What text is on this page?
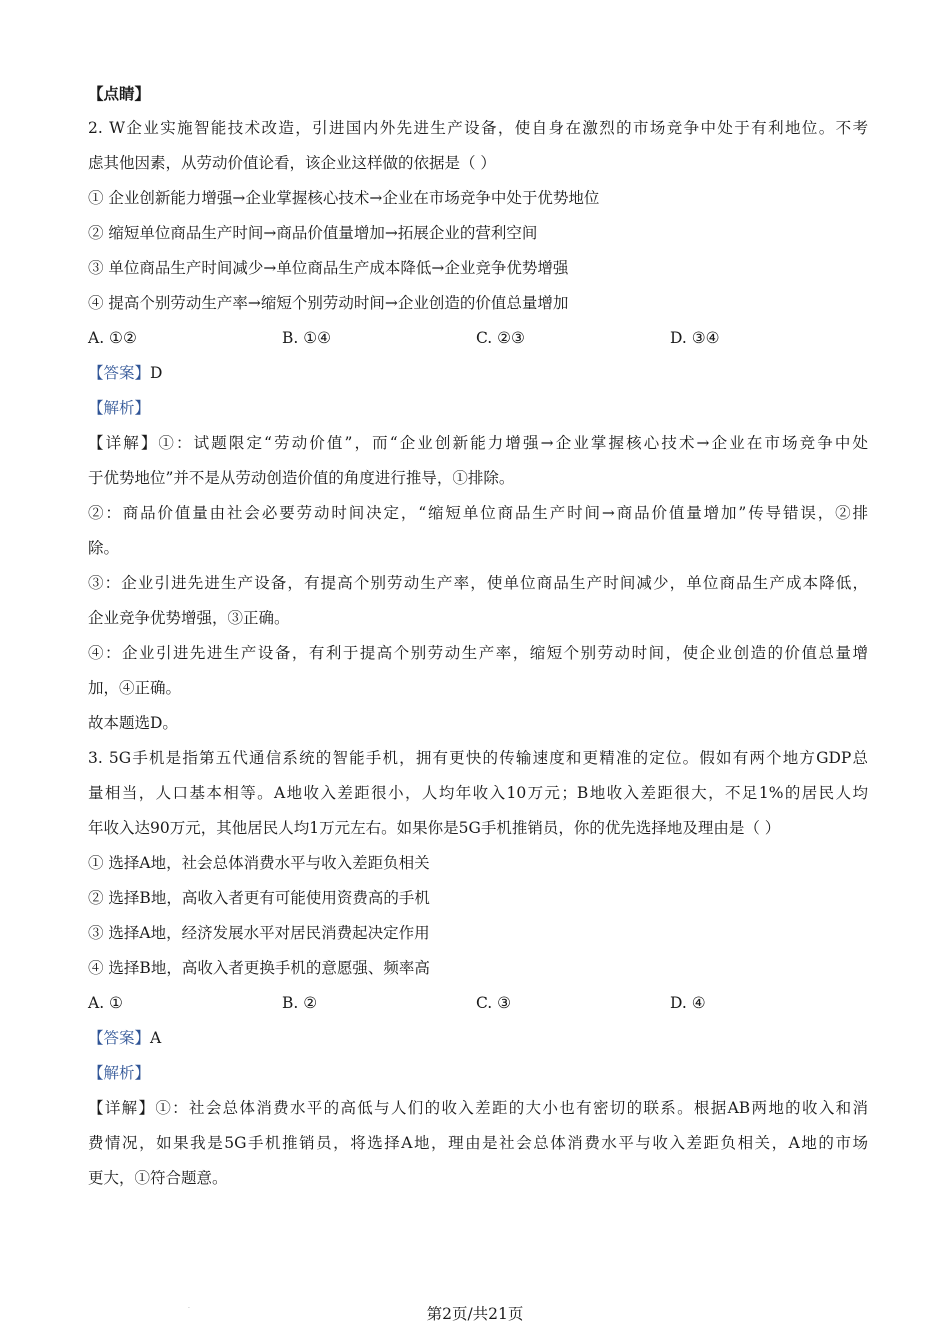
【点睛】
2. W企业实施智能技术改造，引进国内外先进生产设备，使自身在激烈的市场竞争中处于有利地位。不考
虑其他因素，从劳动价值论看，该企业这样做的依据是（ ）
① 企业创新能力增强→企业掌握核心技术→企业在市场竞争中处于优势地位
② 缩短单位商品生产时间→商品价值量增加→拓展企业的营利空间
③ 单位商品生产时间减少→单位商品生产成本降低→企业竞争优势增强
④ 提高个别劳动生产率→缩短个别劳动时间→企业创造的价值总量增加
A. ①②	B. ①④	C. ②③	D. ③④
【答案】D
【解析】
【详解】①：试题限定“劳动价值”，而“企业创新能力增强→企业掌握核心技术→企业在市场竞争中处
于优势地位”并不是从劳动创造价值的角度进行推导，①排除。
②：商品价值量由社会必要劳动时间决定，“缩短单位商品生产时间→商品价值量增加”传导错误，②排
除。
③：企业引进先进生产设备，有提高个别劳动生产率，使单位商品生产时间减少，单位商品生产成本降低，
企业竞争优势增强，③正确。
④：企业引进先进生产设备，有利于提高个别劳动生产率，缩短个别劳动时间，使企业创造的价值总量增
加，④正确。
故本题选D。
3. 5G手机是指第五代通信系统的智能手机，拥有更快的传输速度和更精准的定位。假如有两个地方GDP总
量相当，人口基本相等。A地收入差距很小，人均年收入10万元；B地收入差距很大，不足1%的居民人均
年收入达90万元，其他居民人均1万元左右。如果你是5G手机推销员，你的优先选择地及理由是（ ）
① 选择A地，社会总体消费水平与收入差距负相关
② 选择B地，高收入者更有可能使用资费高的手机
③ 选择A地，经济发展水平对居民消费起决定作用
④ 选择B地，高收入者更换手机的意愿强、频率高
A. ①	B. ②	C. ③	D. ④
【答案】A
【解析】
【详解】①：社会总体消费水平的高低与人们的收入差距的大小也有密切的联系。根据AB两地的收入和消
费情况，如果我是5G手机推销员，将选择A地，理由是社会总体消费水平与收入差距负相关，A地的市场
更大，①符合题意。
.	第2页/共21页
